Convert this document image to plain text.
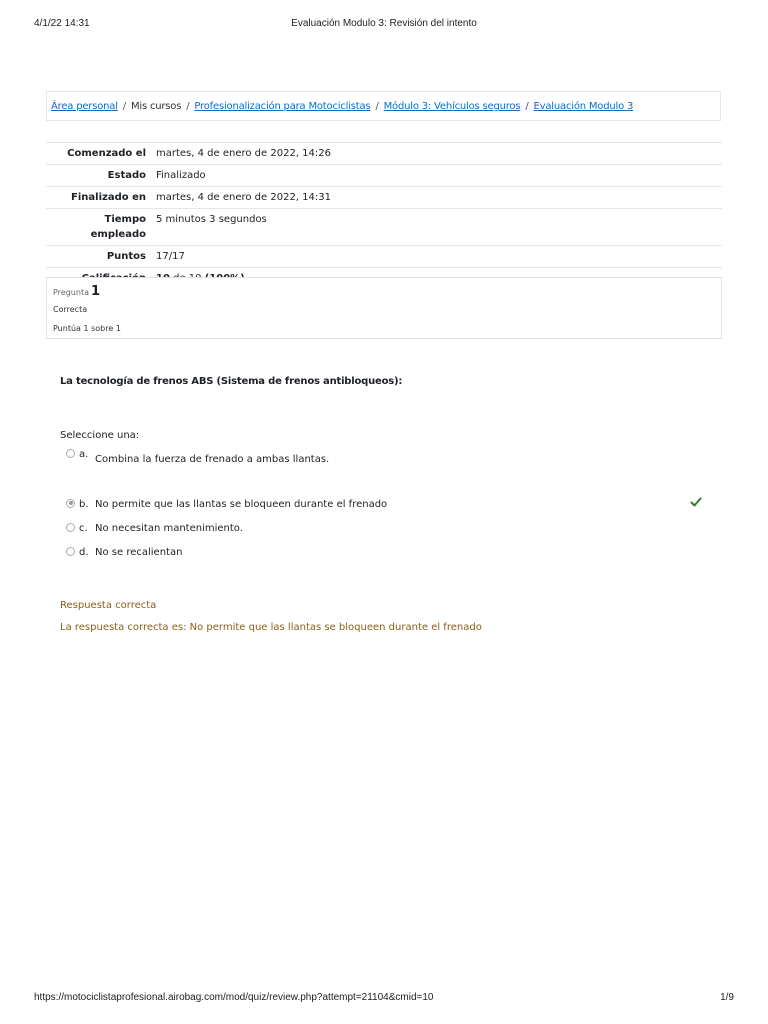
4/1/22 14:31	Evaluación Modulo 3: Revisión del intento
Área personal / Mis cursos / Profesionalización para Motociclistas / Módulo 3: Vehículos seguros / Evaluación Modulo 3
Comenzado el	martes, 4 de enero de 2022, 14:26
Estado	Finalizado
Finalizado en	martes, 4 de enero de 2022, 14:31
Tiempo
empleado	5 minutos 3 segundos
Puntos	17/17

Pregunta 1
Correcta
Puntúa 1 sobre 1
La tecnología de frenos ABS (Sistema de frenos antibloqueos):
Seleccione una:
a. Combina la fuerza de frenado a ambas llantas.
b. No permite que las llantas se bloqueen durante el frenado
c. No necesitan mantenimiento.
d. No se recalientan
Respuesta correcta
La respuesta correcta es: No permite que las llantas se bloqueen durante el frenado
https://motociclistaprofesional.airobag.com/mod/quiz/review.php?attempt=21104&cmid=10	1/9
